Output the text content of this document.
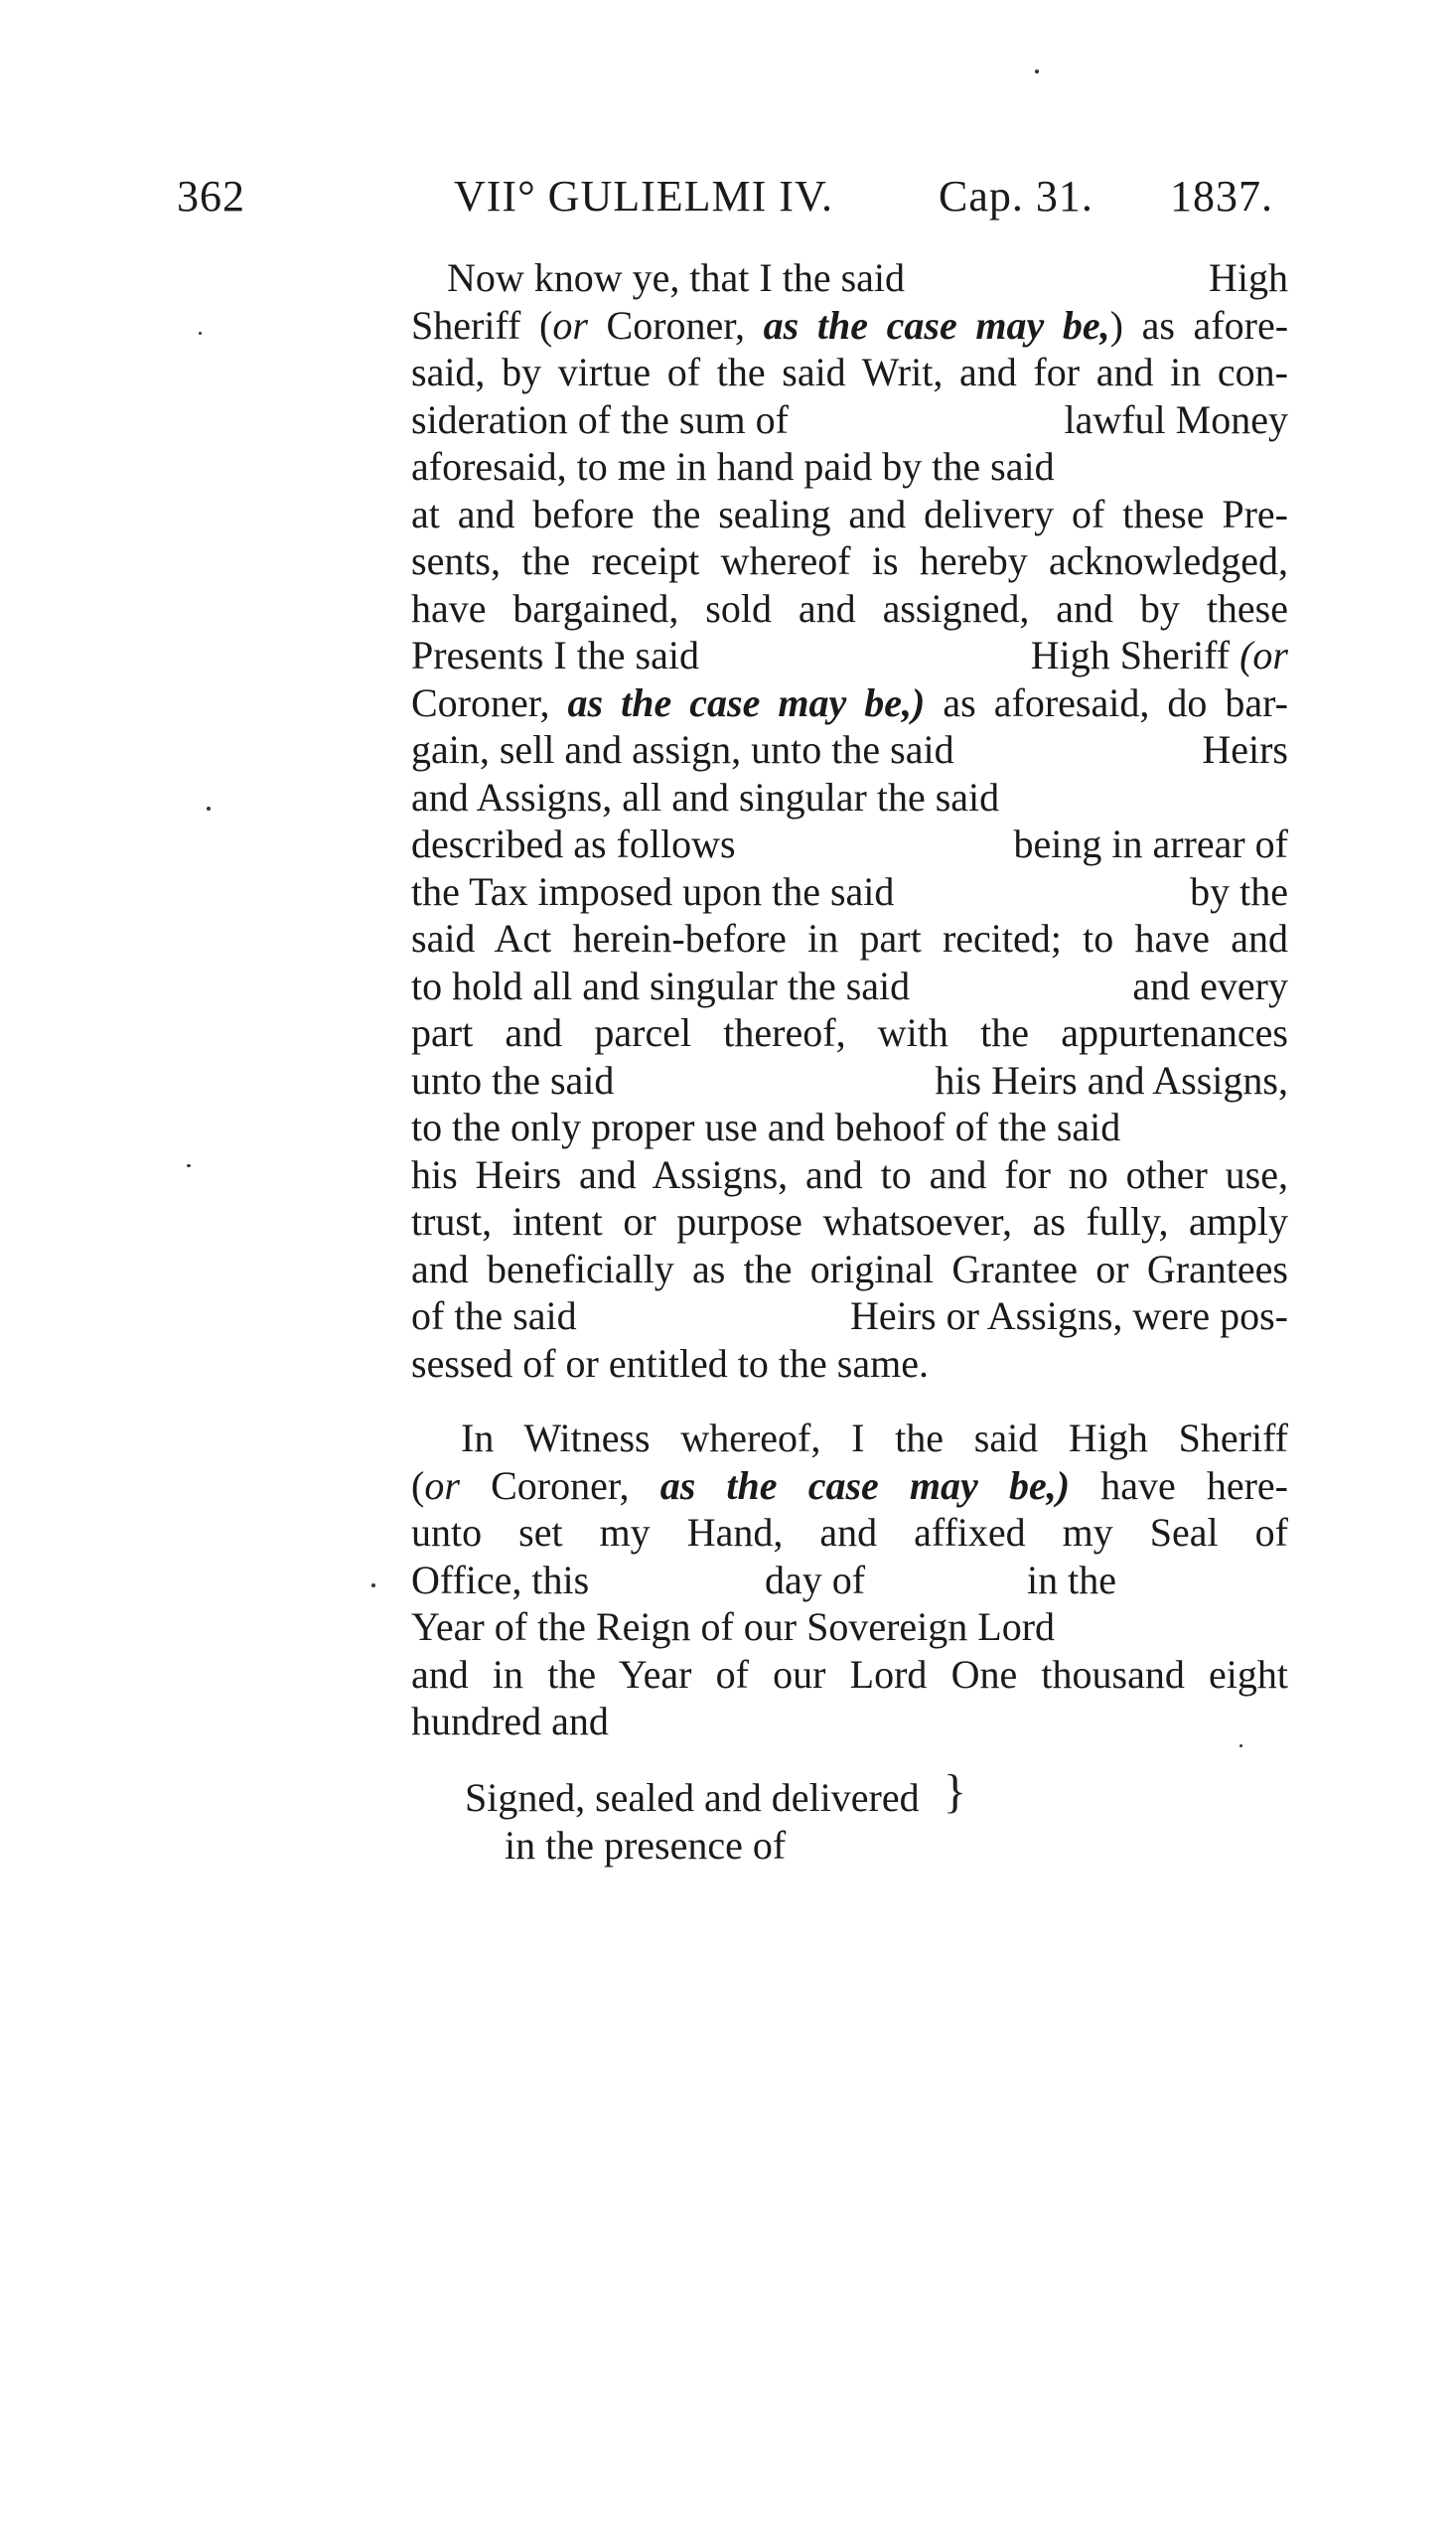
362	VII° GULIELMI IV. Cap. 31. 1837.
Now know ye, that I the said	High
Sheriff (or Coroner, as the case may be,) as afore-
said, by virtue of the said Writ, and for and in con-
sideration of the sum of	lawful Money
aforesaid, to me in hand paid by the said
at and before the sealing and delivery of these Pre-
sents, the receipt whereof is hereby acknowledged,
have bargained, sold and assigned, and by these
Presents I the said	High Sheriff (or
Coroner, as the case may be,) as aforesaid, do bar-
gain, sell and assign, unto the said	Heirs
and Assigns, all and singular the said
described as follows	being in arrear of
the Tax imposed upon the said	by the
said Act herein-before in part recited; to have and
to hold all and singular the said	and every
part and parcel thereof, with the appurtenances
unto the said	his Heirs and Assigns,
to the only proper use and behoof of the said
his Heirs and Assigns, and to and for no other use,
trust, intent or purpose whatsoever, as fully, amply
and beneficially as the original Grantee or Grantees
of the said	Heirs or Assigns, were pos-
sessed of or entitled to the same.
In Witness whereof, I the said High Sheriff
(or Coroner, as the case may be,) have here-
unto set my Hand, and affixed my Seal of
Office, this	day of	in the
Year of the Reign of our Sovereign Lord
and in the Year of our Lord One thousand eight
hundred and
Signed, sealed and delivered
in the presence of
}
